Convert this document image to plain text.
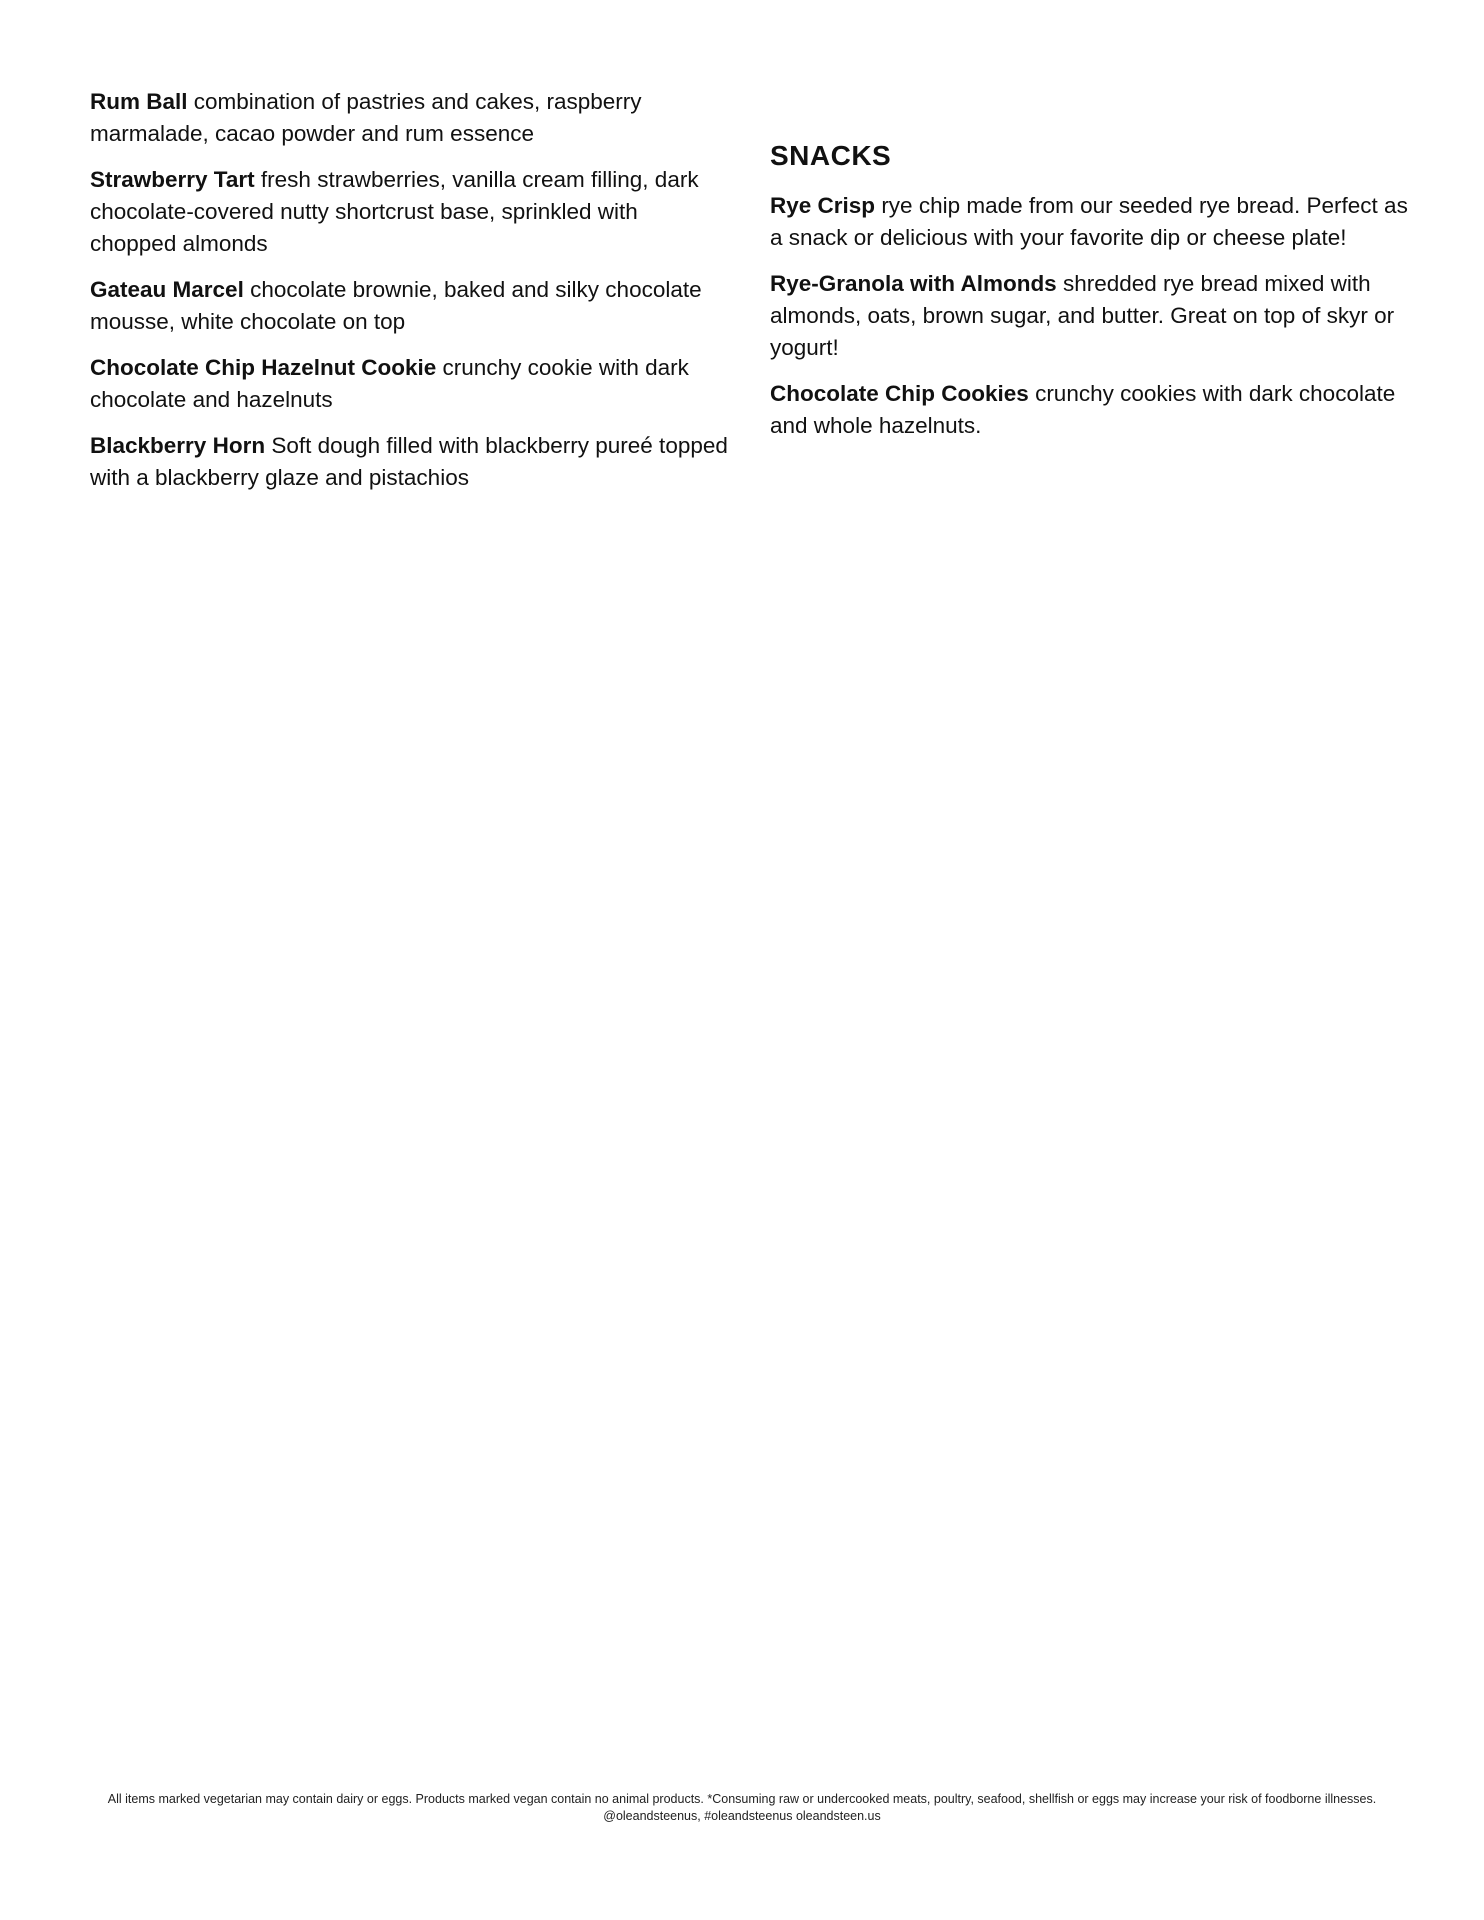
Rum Ball combination of pastries and cakes, raspberry marmalade, cacao powder and rum essence

Strawberry Tart fresh strawberries, vanilla cream filling, dark chocolate-covered nutty shortcrust base, sprinkled with chopped almonds

Gateau Marcel chocolate brownie, baked and silky chocolate mousse, white chocolate on top

Chocolate Chip Hazelnut Cookie crunchy cookie with dark chocolate and hazelnuts

Blackberry Horn Soft dough filled with blackberry pureé topped with a blackberry glaze and pistachios

SNACKS

Rye Crisp rye chip made from our seeded rye bread. Perfect as a snack or delicious with your favorite dip or cheese plate!

Rye-Granola with Almonds shredded rye bread mixed with almonds, oats, brown sugar, and butter. Great on top of skyr or yogurt!

Chocolate Chip Cookies crunchy cookies with dark chocolate and whole hazelnuts.

All items marked vegetarian may contain dairy or eggs. Products marked vegan contain no animal products. *Consuming raw or undercooked meats, poultry, seafood, shellfish or eggs may increase your risk of foodborne illnesses.
@oleandsteenus, #oleandsteenus oleandsteen.us
